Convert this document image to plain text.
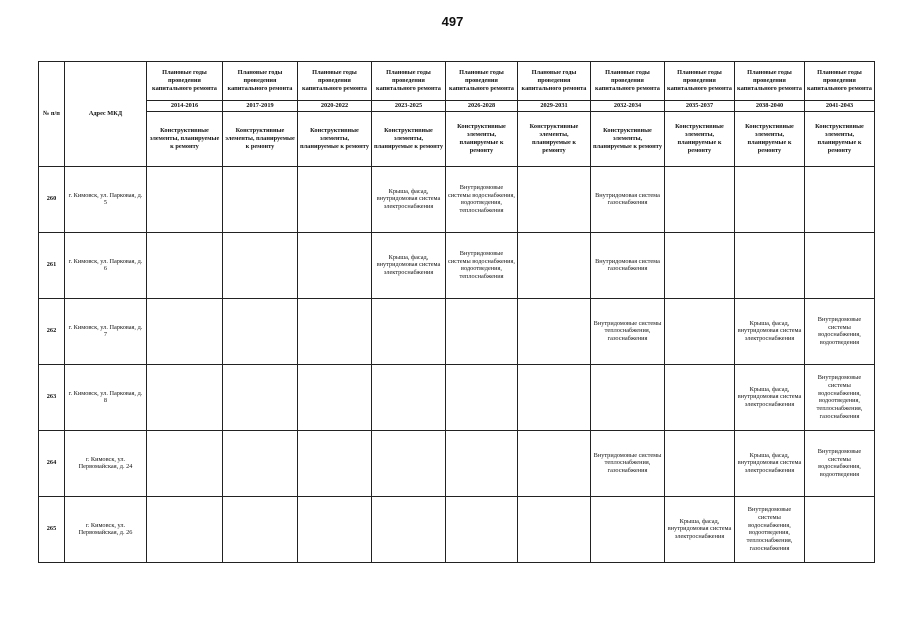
497
№ п/п	Адрес МКД	Плановые годы проведения капитального ремонта	Плановые годы проведения капитального ремонта	Плановые годы проведения капитального ремонта	Плановые годы проведения капитального ремонта	Плановые годы проведения капитального ремонта	Плановые годы проведения капитального ремонта	Плановые годы проведения капитального ремонта	Плановые годы проведения капитального ремонта	Плановые годы проведения капитального ремонта	Плановые годы проведения капитального ремонта
		2014-2016	2017-2019	2020-2022	2023-2025	2026-2028	2029-2031	2032-2034	2035-2037	2038-2040	2041-2043
		Конструктивные элементы, планируемые к ремонту	Конструктивные элементы, планируемые к ремонту	Конструктивные элементы, планируемые к ремонту	Конструктивные элементы, планируемые к ремонту	Конструктивные элементы, планируемые к ремонту	Конструктивные элементы, планируемые к ремонту	Конструктивные элементы, планируемые к ремонту	Конструктивные элементы, планируемые к ремонту	Конструктивные элементы, планируемые к ремонту	Конструктивные элементы, планируемые к ремонту
260	г. Кимовск, ул. Парковая, д. 5				Крыша, фасад, внутридомовая система электроснабжения	Внутридомовые системы водоснабжения, водоотведения, теплоснабжения		Внутридомовая система газоснабжения			
261	г. Кимовск, ул. Парковая, д. 6				Крыша, фасад, внутридомовая система электроснабжения	Внутридомовые системы водоснабжения, водоотведения, теплоснабжения		Внутридомовая система газоснабжения			
262	г. Кимовск, ул. Парковая, д. 7							Внутридомовые системы теплоснабжения, газоснабжения		Крыша, фасад, внутридомовая система электроснабжения	Внутридомовые системы водоснабжения, водоотведения
263	г. Кимовск, ул. Парковая, д. 8									Крыша, фасад, внутридомовая система электроснабжения	Внутридомовые системы водоснабжения, водоотведения, теплоснабжения, газоснабжения
264	г. Кимовск, ул. Первомайская, д. 24							Внутридомовые системы теплоснабжения, газоснабжения		Крыша, фасад, внутридомовая система электроснабжения	Внутридомовые системы водоснабжения, водоотведения
265	г. Кимовск, ул. Первомайская, д. 26								Крыша, фасад, внутридомовая система электроснабжения	Внутридомовые системы водоснабжения, водоотведения, теплоснабжения, газоснабжения	
